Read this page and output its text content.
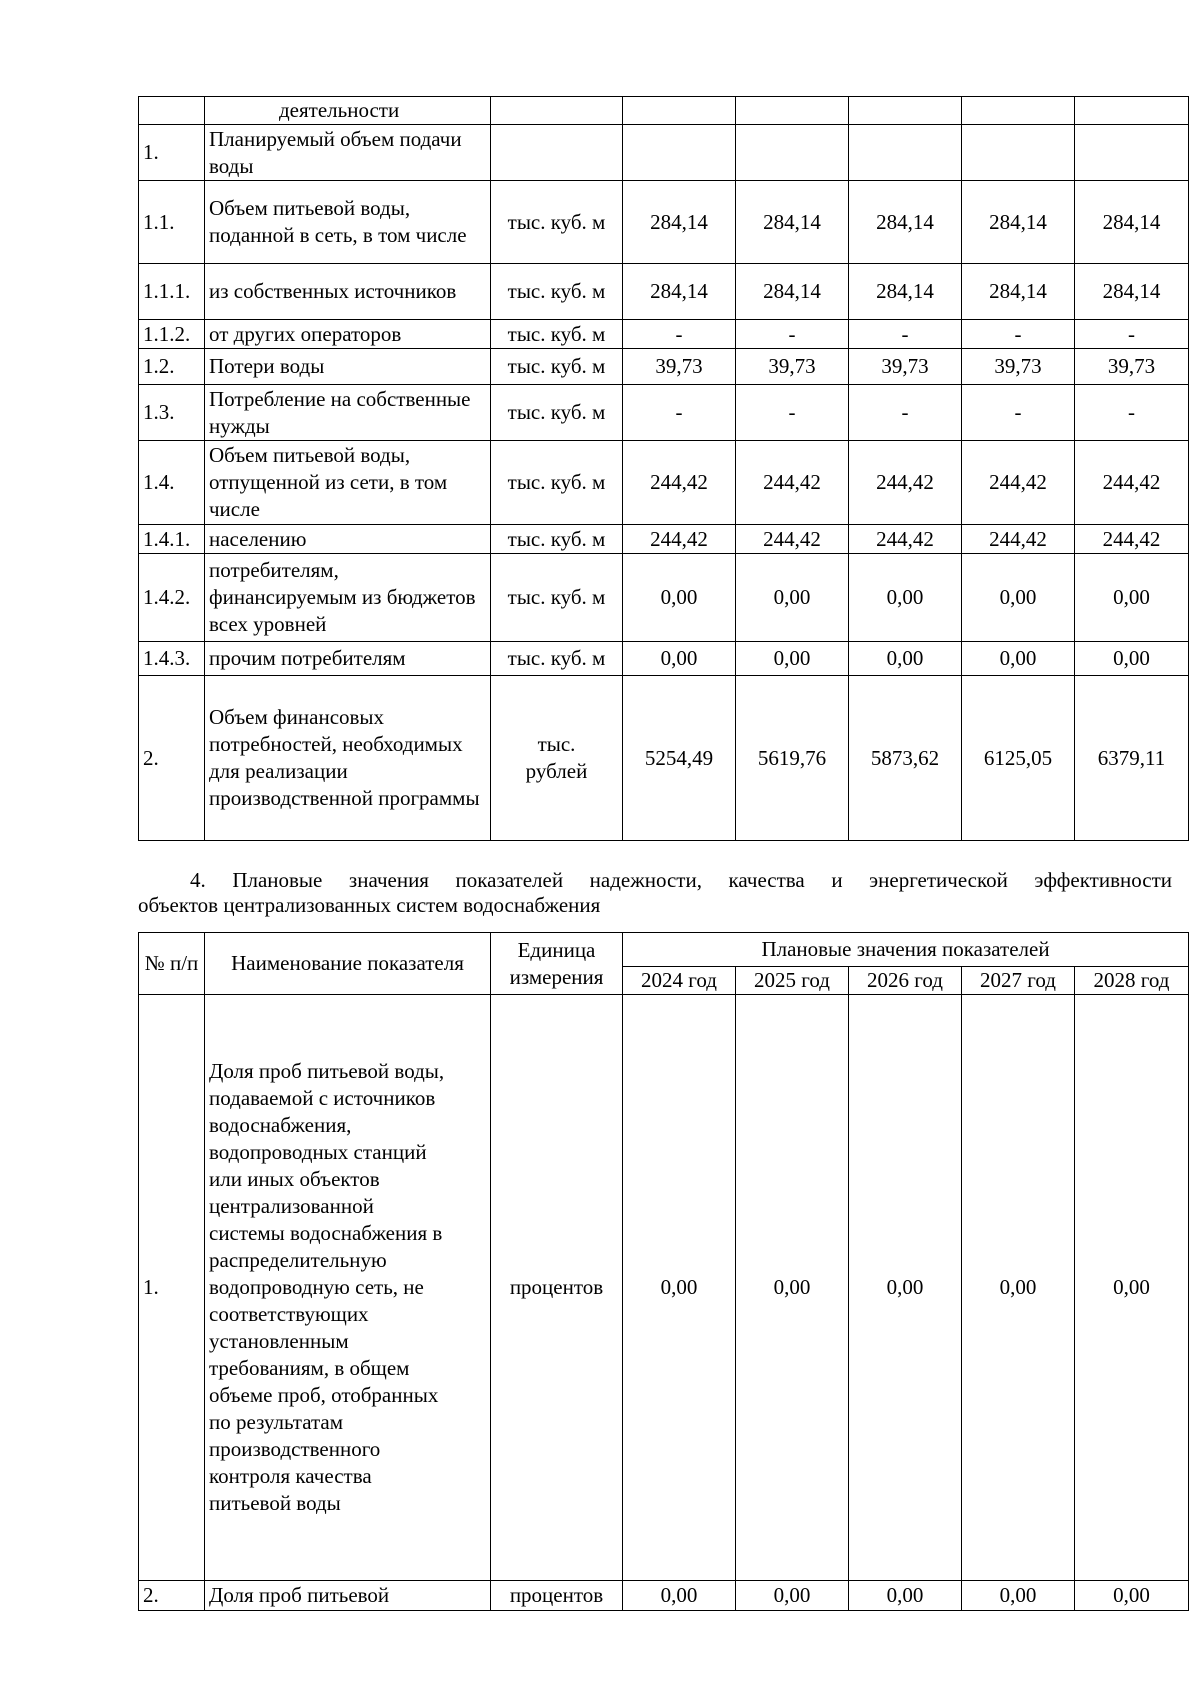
	деятельности						
1.	Планируемый объем подачи воды						
1.1.	Объем питьевой воды, поданной в сеть, в том числе	тыс. куб. м	284,14	284,14	284,14	284,14	284,14
1.1.1.	из собственных источников	тыс. куб. м	284,14	284,14	284,14	284,14	284,14
1.1.2.	от других операторов	тыс. куб. м	-	-	-	-	-
1.2.	Потери воды	тыс. куб. м	39,73	39,73	39,73	39,73	39,73
1.3.	Потребление на собственные нужды	тыс. куб. м	-	-	-	-	-
1.4.	Объем питьевой воды, отпущенной из сети, в том числе	тыс. куб. м	244,42	244,42	244,42	244,42	244,42
1.4.1.	населению	тыс. куб. м	244,42	244,42	244,42	244,42	244,42
1.4.2.	потребителям, финансируемым из бюджетов всех уровней	тыс. куб. м	0,00	0,00	0,00	0,00	0,00
1.4.3.	прочим потребителям	тыс. куб. м	0,00	0,00	0,00	0,00	0,00
2.	Объем финансовых потребностей, необходимых для реализации производственной программы	тыс. рублей	5254,49	5619,76	5873,62	6125,05	6379,11
4. Плановые значения показателей надежности, качества и энергетической эффективности
объектов централизованных систем водоснабжения
№ п/п	Наименование показателя	Единица измерения	Плановые значения показателей				
			2024 год	2025 год	2026 год	2027 год	2028 год
1.	Доля проб питьевой воды, подаваемой с источников водоснабжения, водопроводных станций или иных объектов централизованной системы водоснабжения в распределительную водопроводную сеть, не соответствующих установленным требованиям, в общем объеме проб, отобранных по результатам производственного контроля качества питьевой воды	процентов	0,00	0,00	0,00	0,00	0,00
2.	Доля проб питьевой	процентов	0,00	0,00	0,00	0,00	0,00
